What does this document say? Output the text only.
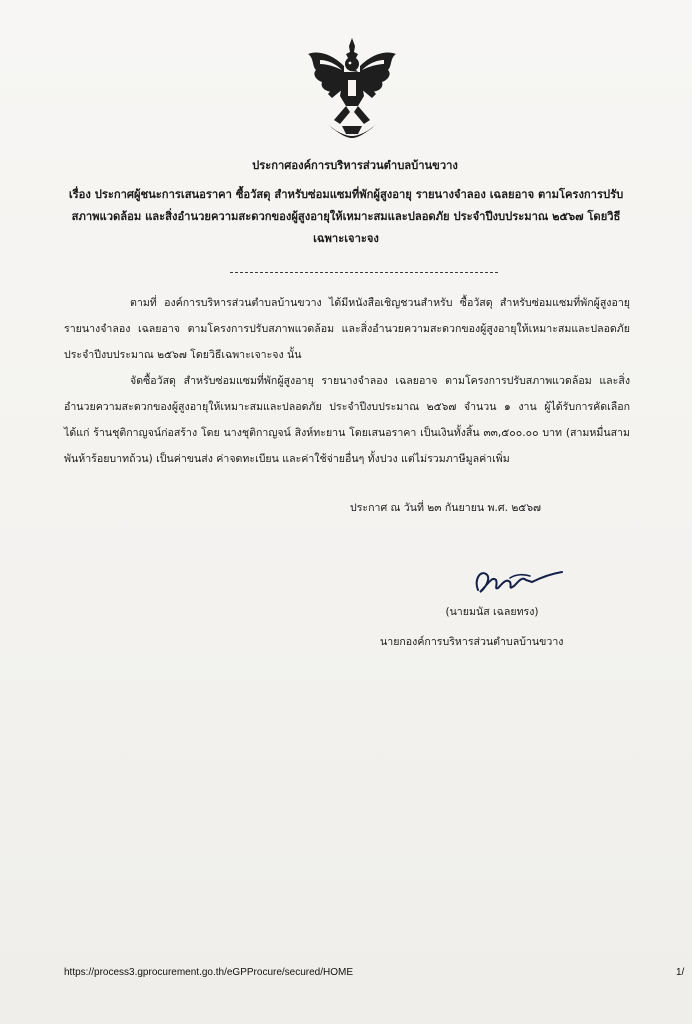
ประกาศองค์การบริหารส่วนตำบลบ้านขวาง
เรื่อง ประกาศผู้ชนะการเสนอราคา ซื้อวัสดุ สำหรับซ่อมแซมที่พักผู้สูงอายุ รายนางจำลอง เฉลยอาจ ตามโครงการปรับสภาพแวดล้อม และสิ่งอำนวยความสะดวกของผู้สูงอายุให้เหมาะสมและปลอดภัย ประจำปีงบประมาณ ๒๕๖๗ โดยวิธีเฉพาะเจาะจง
ตามที่ องค์การบริหารส่วนตำบลบ้านขวาง ได้มีหนังสือเชิญชวนสำหรับ ซื้อวัสดุ สำหรับซ่อมแซมที่พักผู้สูงอายุ รายนางจำลอง เฉลยอาจ ตามโครงการปรับสภาพแวดล้อม และสิ่งอำนวยความสะดวกของผู้สูงอายุให้เหมาะสมและปลอดภัย ประจำปีงบประมาณ ๒๕๖๗ โดยวิธีเฉพาะเจาะจง นั้น
จัดซื้อวัสดุ สำหรับซ่อมแซมที่พักผู้สูงอายุ รายนางจำลอง เฉลยอาจ ตามโครงการปรับสภาพแวดล้อม และสิ่งอำนวยความสะดวกของผู้สูงอายุให้เหมาะสมและปลอดภัย ประจำปีงบประมาณ ๒๕๖๗ จำนวน ๑ งาน ผู้ได้รับการคัดเลือก ได้แก่ ร้านชุติกาญจน์ก่อสร้าง โดย นางชุติกาญจน์ สิงห์ทะยาน โดยเสนอราคา เป็นเงินทั้งสิ้น ๓๓,๕๐๐.๐๐ บาท (สามหมื่นสามพันห้าร้อยบาทถ้วน) เป็นค่าขนส่ง ค่าจดทะเบียน และค่าใช้จ่ายอื่นๆ ทั้งปวง แต่ไม่รวมภาษีมูลค่าเพิ่ม
ประกาศ ณ วันที่ ๒๓ กันยายน พ.ศ. ๒๕๖๗
(นายมนัส เฉลยทรง)
นายกองค์การบริหารส่วนตำบลบ้านขวาง
https://process3.gprocurement.go.th/eGPProcure/secured/HOME	1/
